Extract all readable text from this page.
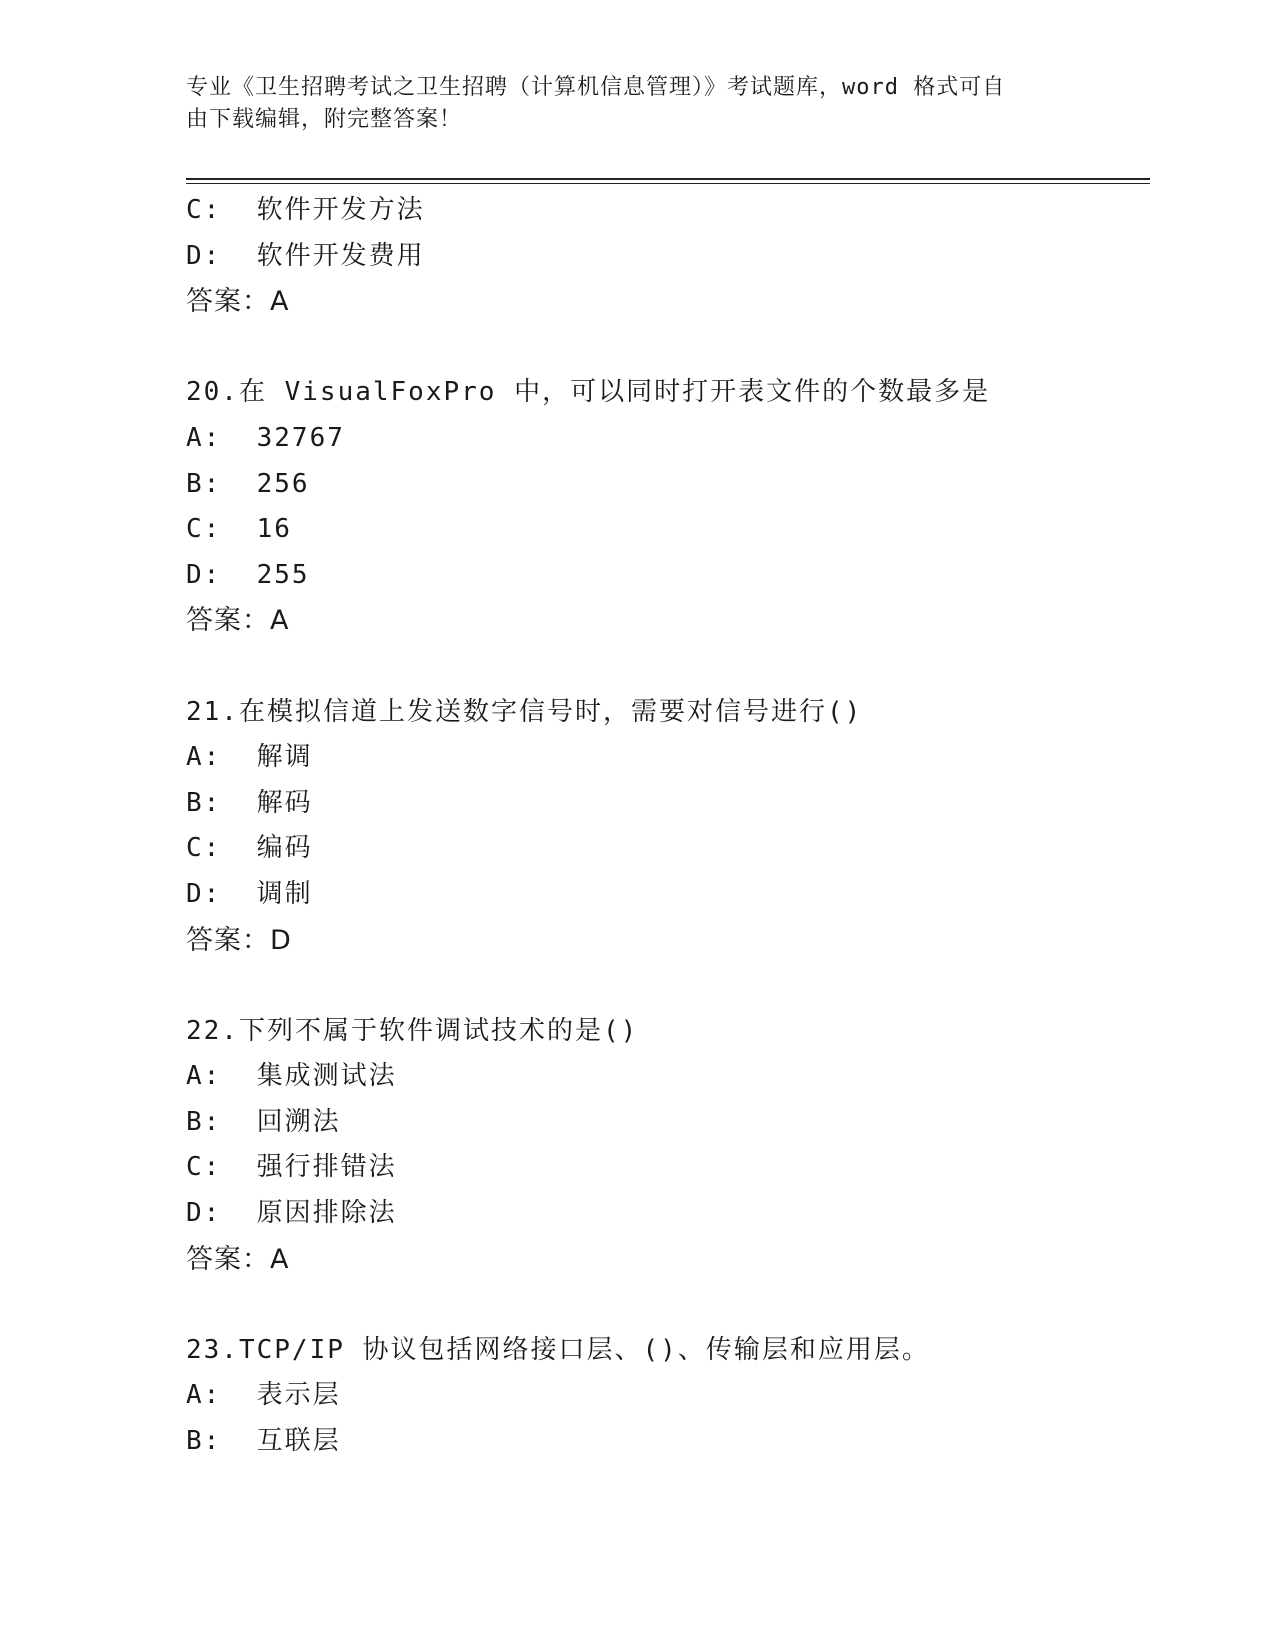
专业《卫生招聘考试之卫生招聘（计算机信息管理）》考试题库，word 格式可自
由下载编辑，附完整答案！
C:  软件开发方法
D:  软件开发费用
答案：A
20.在 VisualFoxPro 中，可以同时打开表文件的个数最多是
A:  32767
B:  256
C:  16
D:  255
答案：A
21.在模拟信道上发送数字信号时，需要对信号进行()
A:  解调
B:  解码
C:  编码
D:  调制
答案：D
22.下列不属于软件调试技术的是()
A:  集成测试法
B:  回溯法
C:  强行排错法
D:  原因排除法
答案：A
23.TCP/IP 协议包括网络接口层、()、传输层和应用层。
A:  表示层
B:  互联层
